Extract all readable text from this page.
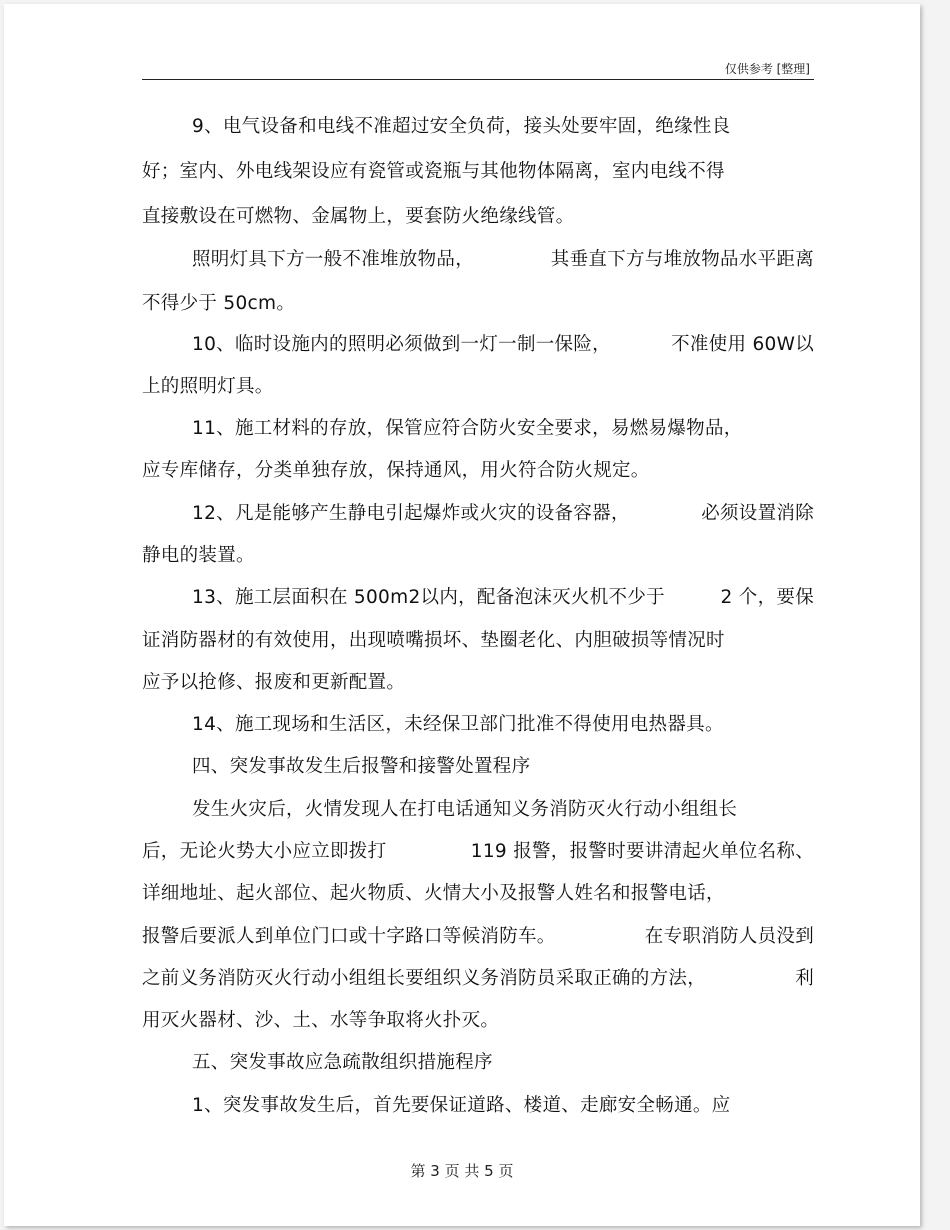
仅供参考 [整理]
9、电气设备和电线不准超过安全负荷，接头处要牢固，绝缘性良
好；室内、外电线架设应有瓷管或瓷瓶与其他物体隔离，室内电线不得
直接敷设在可燃物、金属物上，要套防火绝缘线管。
照明灯具下方一般不准堆放物品，	其垂直下方与堆放物品水平距离
不得少于 50cm。
10、临时设施内的照明必须做到一灯一制一保险，	不准使用 60W以
上的照明灯具。
11、施工材料的存放，保管应符合防火安全要求，易燃易爆物品，
应专库储存，分类单独存放，保持通风，用火符合防火规定。
12、凡是能够产生静电引起爆炸或火灾的设备容器，	必须设置消除
静电的装置。
13、施工层面积在 500m2以内，配备泡沫灭火机不少于	2 个，要保
证消防器材的有效使用，出现喷嘴损坏、垫圈老化、内胆破损等情况时
应予以抢修、报废和更新配置。
14、施工现场和生活区，未经保卫部门批准不得使用电热器具。
四、突发事故发生后报警和接警处置程序
发生火灾后，火情发现人在打电话通知义务消防灭火行动小组组长
后，无论火势大小应立即拨打	119 报警，报警时要讲清起火单位名称、
详细地址、起火部位、起火物质、火情大小及报警人姓名和报警电话，
报警后要派人到单位门口或十字路口等候消防车。	在专职消防人员没到
之前义务消防灭火行动小组组长要组织义务消防员采取正确的方法，	利
用灭火器材、沙、土、水等争取将火扑灭。
五、突发事故应急疏散组织措施程序
1、突发事故发生后，首先要保证道路、楼道、走廊安全畅通。应
第 3 页 共 5 页
